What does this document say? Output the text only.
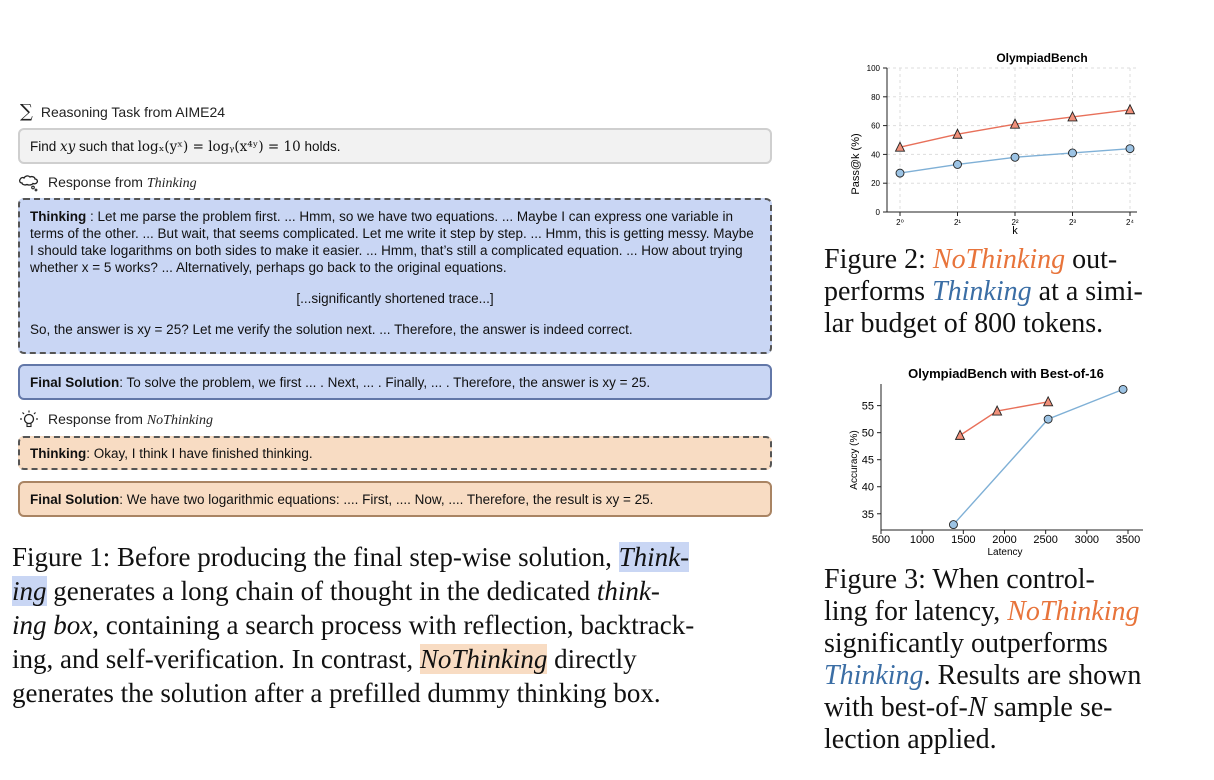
∑ Reasoning Task from AIME24
Find xy such that logₓ(yˣ) = logᵧ(x⁴ʸ) = 10 holds.
Response from Thinking
Thinking : Let me parse the problem first. ... Hmm, so we have two equations. ... Maybe I can express one variable in terms of the other. ... But wait, that seems complicated. Let me write it step by step. ... Hmm, this is getting messy. Maybe I should take logarithms on both sides to make it easier. ... Hmm, that’s still a complicated equation. ... How about trying whether x = 5 works? ... Alternatively, perhaps go back to the original equations.
[...significantly shortened trace...]
So, the answer is xy = 25? Let me verify the solution next. ... Therefore, the answer is indeed correct.
Final Solution: To solve the problem, we first ... . Next, ... . Finally, ... . Therefore, the answer is xy = 25.
Response from NoThinking
Thinking: Okay, I think I have finished thinking.
Final Solution: We have two logarithmic equations: .... First, .... Now, .... Therefore, the result is xy = 25.
Figure 1: Before producing the final step-wise solution, Think-
ing generates a long chain of thought in the dedicated think-
ing box, containing a search process with reflection, backtrack-
ing, and self-verification. In contrast, NoThinking directly
generates the solution after a prefilled dummy thinking box.
OlympiadBench
Pass@k (%)
k
0
20
40
60
80
100
2⁰	2¹	2²	2³	2⁴
Figure 2: NoThinking out-
performs Thinking at a simi-
lar budget of 800 tokens.
OlympiadBench with Best-of-16
Accuracy (%)
Latency
35
40
45
50
55
500 1000 1500 2000 2500 3000 3500
Figure 3: When control-
ling for latency, NoThinking
significantly outperforms
Thinking. Results are shown
with best-of-N sample se-
lection applied.
